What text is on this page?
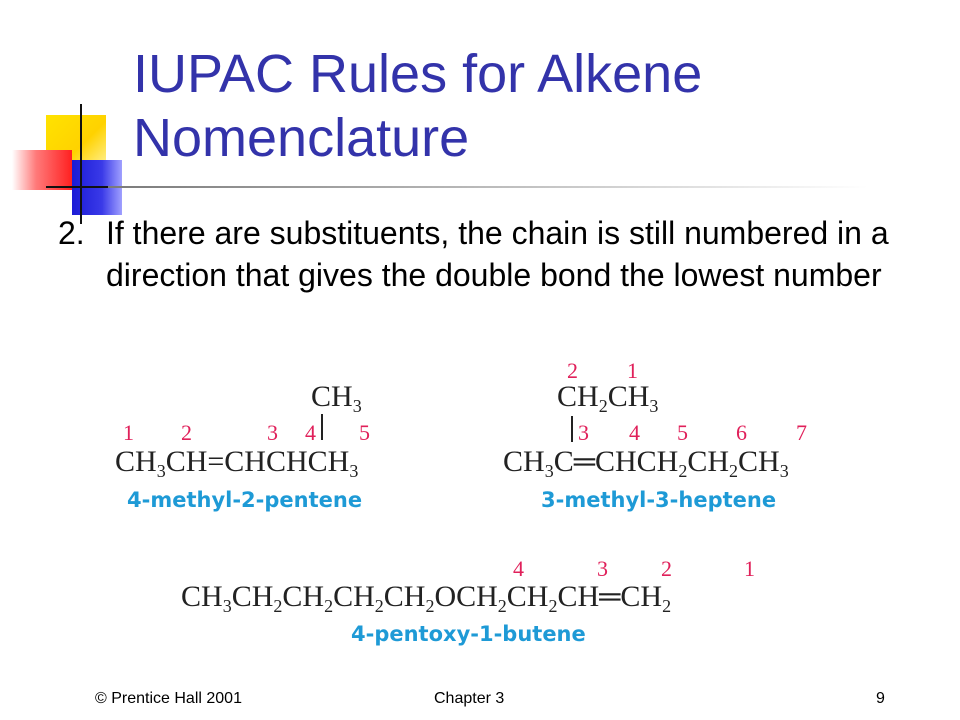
IUPAC Rules for Alkene Nomenclature
2. If there are substituents, the chain is still numbered in a direction that gives the double bond the lowest number
$CH_3$
1 2	3 4 5
$CH_3CH=CHCHCH_3$
4-methyl-2-pentene
2 1
$CH_2CH_3$
3 4 5 6 7
$CH_3C═CHCH_2CH_2CH_3$
3-methyl-3-heptene
4	3 2	1
$CH_3CH_2CH_2CH_2CH_2OCH_2CH_2CH═CH_2$
4-pentoxy-1-butene
© Prentice Hall 2001	Chapter 3	9
